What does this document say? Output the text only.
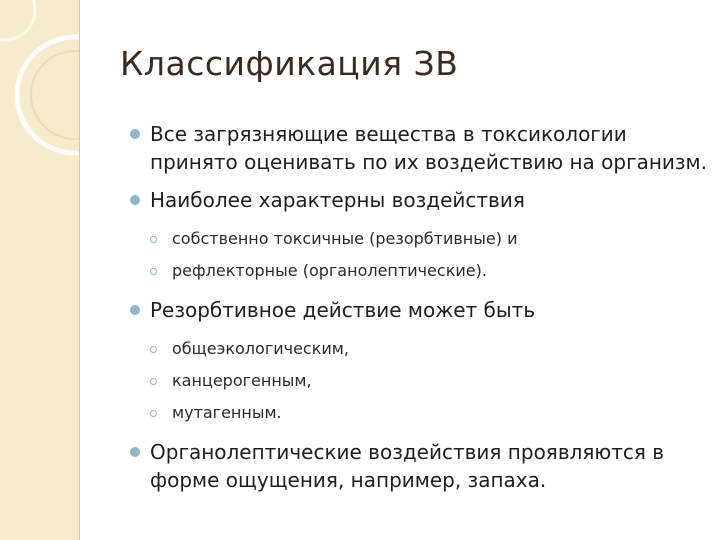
Классификация ЗВ
Все загрязняющие вещества в токсикологии принято оценивать по их воздействию на организм.
Наиболее характерны воздействия
собственно токсичные (резорбтивные) и
рефлекторные (органолептические).
Резорбтивное действие может быть
общеэкологическим,
канцерогенным,
мутагенным.
Органолептические воздействия проявляются в форме ощущения, например, запаха.
